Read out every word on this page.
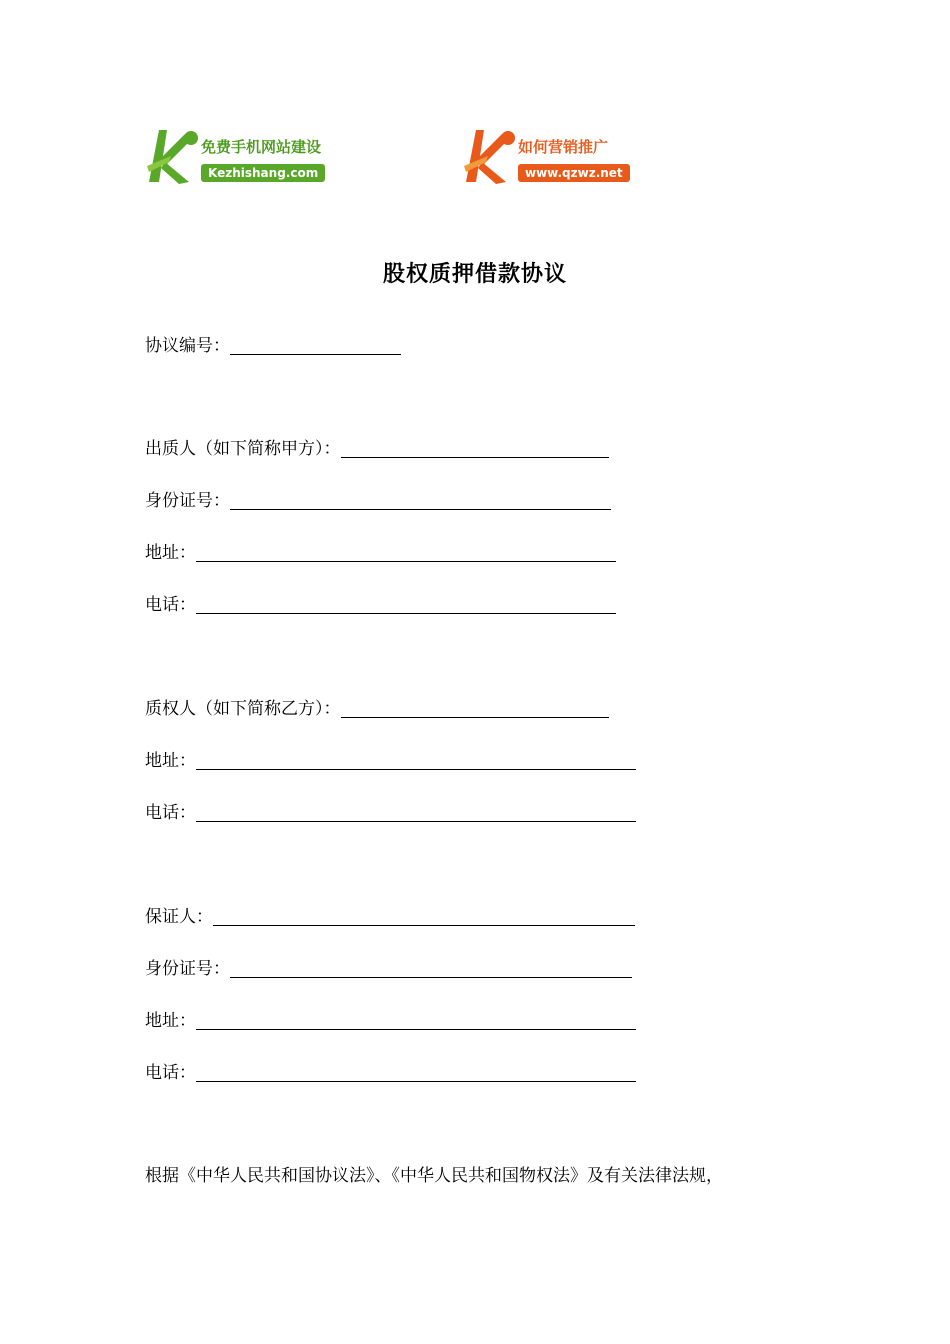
免费手机网站建设
Kezhishang.com
如何营销推广
www.qzwz.net
股权质押借款协议
协议编号：
出质人（如下简称甲方）：
身份证号：
地址：
电话：
质权人（如下简称乙方）：
地址：
电话：
保证人：
身份证号：
地址：
电话：
根据《中华人民共和国协议法》、《中华人民共和国物权法》及有关法律法规，
